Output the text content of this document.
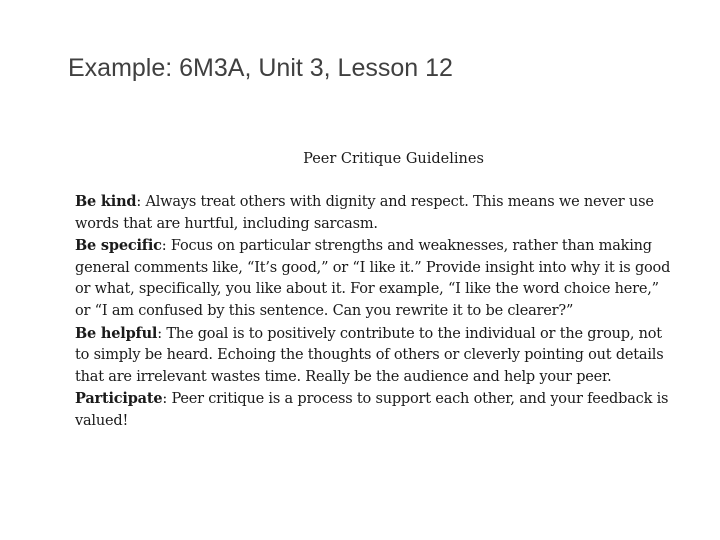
Example: 6M3A, Unit 3, Lesson 12
Peer Critique Guidelines

Be kind: Always treat others with dignity and respect. This means we never use words that are hurtful, including sarcasm.

Be specific: Focus on particular strengths and weaknesses, rather than making general comments like, “It’s good,” or “I like it.” Provide insight into why it is good or what, specifically, you like about it. For example, “I like the word choice here,” or “I am confused by this sentence. Can you rewrite it to be clearer?”

Be helpful: The goal is to positively contribute to the individual or the group, not to simply be heard. Echoing the thoughts of others or cleverly pointing out details that are irrelevant wastes time. Really be the audience and help your peer.

Participate: Peer critique is a process to support each other, and your feedback is valued!
